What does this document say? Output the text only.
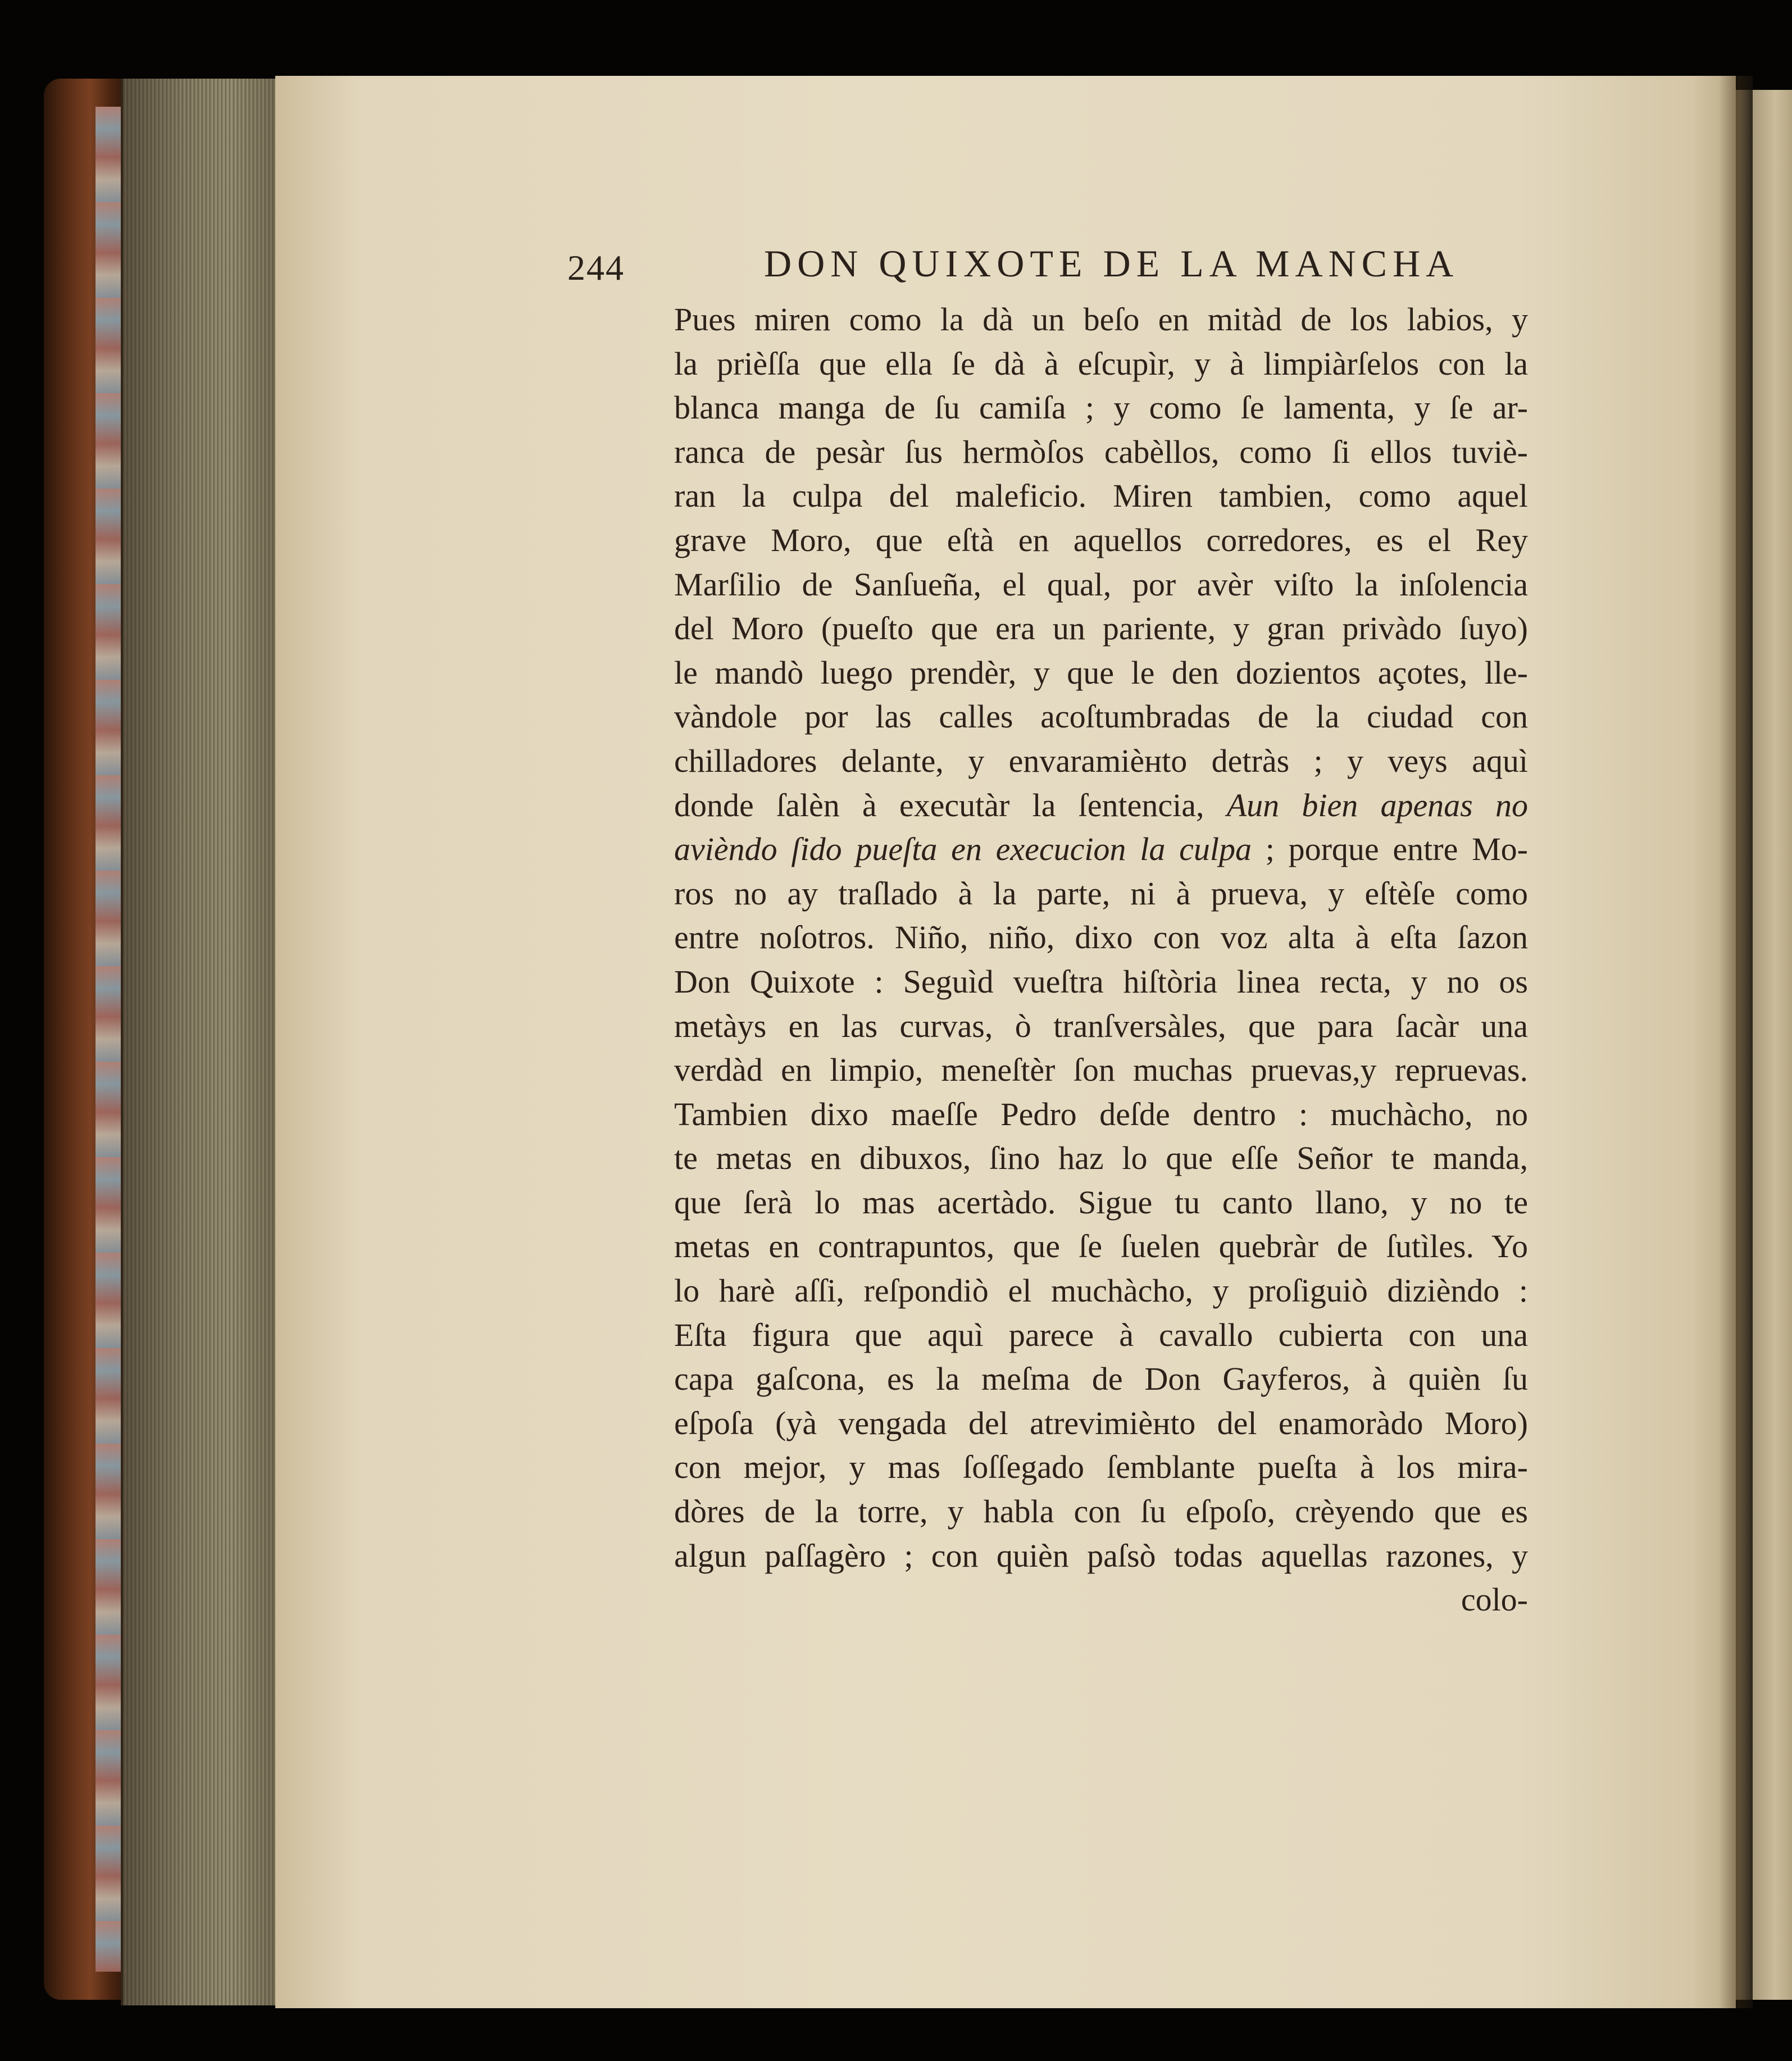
244	DON QUIXOTE DE LA MANCHA
Pues miren como la dà un beſo en mitàd de los labios, y
la prièſſa que ella ſe dà à eſcupìr, y à limpiàrſelos con la
blanca manga de ſu camiſa ; y como ſe lamenta, y ſe ar-
ranca de pesàr ſus hermòſos cabèllos, como ſi ellos tuviè-
ran la culpa del maleficio. Miren tambien, como aquel
grave Moro, que eſtà en aquellos corredores, es el Rey
Marſilio de Sanſueña, el qual, por avèr viſto la inſolencia
del Moro (pueſto que era un pariente, y gran privàdo ſuyo)
le mandò luego prendèr, y que le den dozientos açotes, lle-
vàndole por las calles acoſtumbradas de la ciudad con
chilladores delante, y envaramièнto detràs ; y veys aquì
donde ſalèn à executàr la ſentencia, Aun bien apenas no
aviѐndo ſido pueſta en execucion la culpa ; porque entre Mo-
ros no ay traſlado à la parte, ni à prueva, y eſtèſe como
entre noſotros. Niño, niño, dixo con voz alta à eſta ſazon
Don Quixote : Seguìd vueſtra hiſtòria linea recta, y no os
metàys en las curvas, ò tranſversàles, que para ſacàr una
verdàd en limpio, meneſtèr ſon muchas pruevas,y reprueνas.
Tambien dixo maeſſe Pedro deſde dentro : muchàcho, no
te metas en dibuxos, ſino haz lo que eſſe Señor te manda,
que ſerà lo mas acertàdo. Sigue tu canto llano, y no te
metas en contrapuntos, que ſe ſuelen quebràr de ſutìles. Yo
lo harè aſſi, reſpondiò el muchàcho, y proſiguiò diziѐndo :
Eſta figura que aquì parece à cavallo cubierta con una
capa gaſcona, es la meſma de Don Gayferos, à quièn ſu
eſpoſa (yà vengada del atrevimièнto del enamoràdo Moro)
con mejor, y mas ſoſſegado ſemblante pueſta à los mira-
dòres de la torre, y habla con ſu eſpoſo, crèyendo que es
algun paſſagèro ; con quièn paſsò todas aquellas razones, y
colo-
